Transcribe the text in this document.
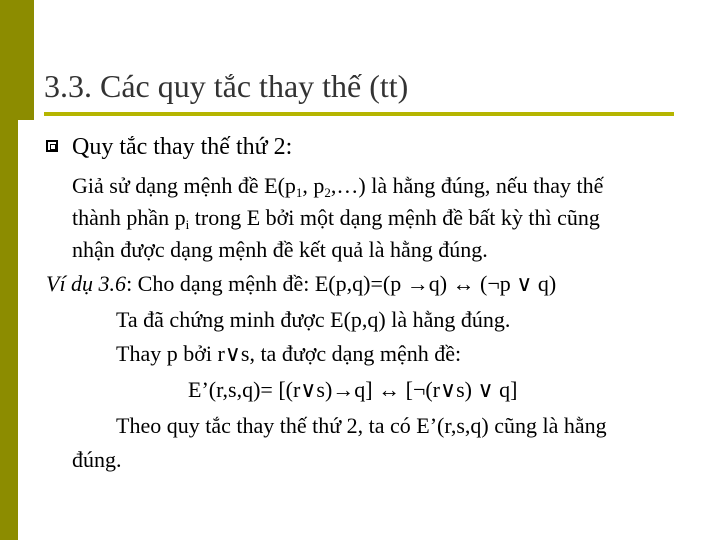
3.3. Các quy tắc thay thế (tt)
Quy tắc thay thế thứ 2:
Giả sử dạng mệnh đề $E(p_1$, $p_2,\dots$) là hằng đúng, nếu thay thế
thành phần $p_i$ trong E bởi một dạng mệnh đề bất kỳ thì cũng
nhận được dạng mệnh đề kết quả là hằng đúng.
Ví dụ 3.6: Cho dạng mệnh đề: E(p,q)=(p →q) ↔ (¬p ∨ q)
Ta đã chứng minh được E(p,q) là hằng đúng.
Thay p bởi r∨s, ta được dạng mệnh đề:
E’(r,s,q)= [(r∨s)→q] ↔ [¬(r∨s) ∨ q]
Theo quy tắc thay thế thứ 2, ta có E’(r,s,q) cũng là hằng
đúng.
